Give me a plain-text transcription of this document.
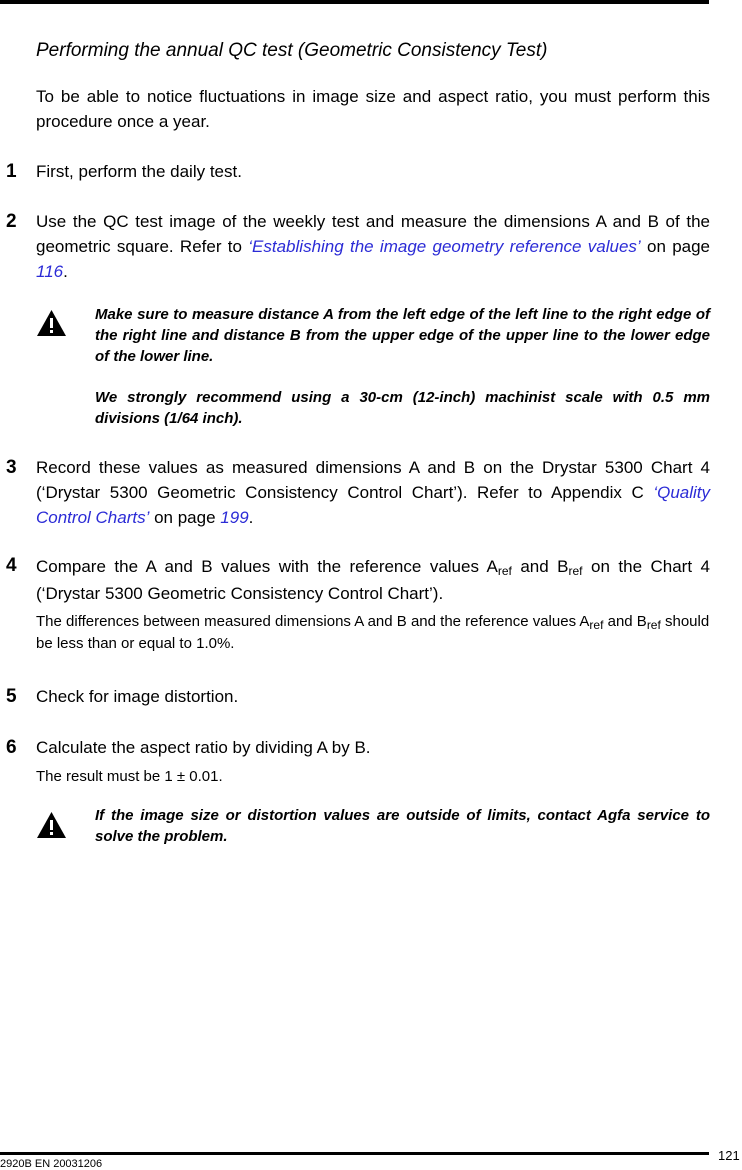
Performing the annual QC test (Geometric Consistency Test)

To be able to notice fluctuations in image size and aspect ratio, you must perform this procedure once a year.

1 First, perform the daily test.

2 Use the QC test image of the weekly test and measure the dimensions A and B of the geometric square. Refer to ‘Establishing the image geometry reference values’ on page 116.

Make sure to measure distance A from the left edge of the left line to the right edge of the right line and distance B from the upper edge of the upper line to the lower edge of the lower line.

We strongly recommend using a 30-cm (12-inch) machinist scale with 0.5 mm divisions (1/64 inch).

3 Record these values as measured dimensions A and B on the Drystar 5300 Chart 4 (‘Drystar 5300 Geometric Consistency Control Chart’). Refer to Appendix C ‘Quality Control Charts’ on page 199.

4 Compare the A and B values with the reference values $A_{ref}$ and $B_{ref}$ on the Chart 4 (‘Drystar 5300 Geometric Consistency Control Chart’).

The differences between measured dimensions A and B and the reference values $A_{ref}$ and $B_{ref}$ should be less than or equal to 1.0%.

5 Check for image distortion.

6 Calculate the aspect ratio by dividing A by B.

The result must be 1 ± 0.01.

If the image size or distortion values are outside of limits, contact Agfa service to solve the problem.

2920B EN 20031206
121
